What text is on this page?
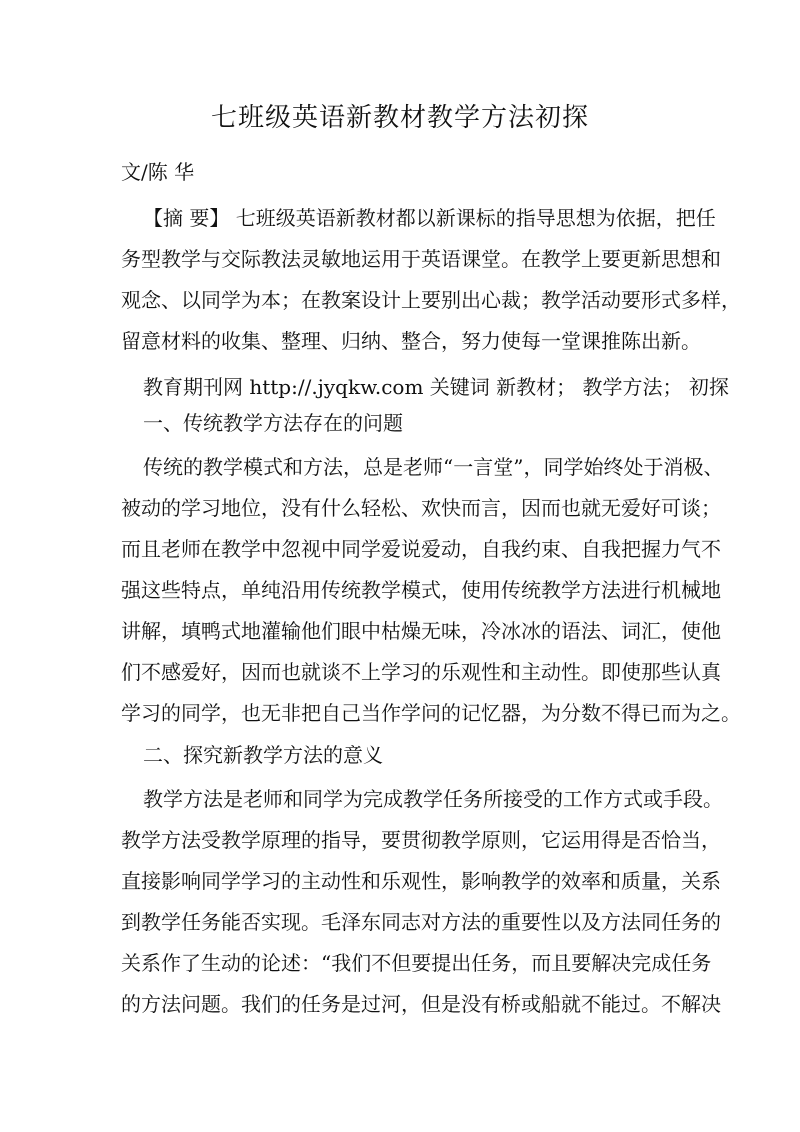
七班级英语新教材教学方法初探
文/陈 华
【摘 要】 七班级英语新教材都以新课标的指导思想为依据，把任
务型教学与交际教法灵敏地运用于英语课堂。在教学上要更新思想和
观念、以同学为本；在教案设计上要别出心裁；教学活动要形式多样，
留意材料的收集、整理、归纳、整合，努力使每一堂课推陈出新。
教育期刊网 http://.jyqkw.com 关键词 新教材； 教学方法； 初探
一、传统教学方法存在的问题
传统的教学模式和方法，总是老师“一言堂”，同学始终处于消极、
被动的学习地位，没有什么轻松、欢快而言，因而也就无爱好可谈；
而且老师在教学中忽视中同学爱说爱动，自我约束、自我把握力气不
强这些特点，单纯沿用传统教学模式，使用传统教学方法进行机械地
讲解，填鸭式地灌输他们眼中枯燥无味，冷冰冰的语法、词汇，使他
们不感爱好，因而也就谈不上学习的乐观性和主动性。即使那些认真
学习的同学，也无非把自己当作学问的记忆器，为分数不得已而为之。
二、探究新教学方法的意义
教学方法是老师和同学为完成教学任务所接受的工作方式或手段。
教学方法受教学原理的指导，要贯彻教学原则，它运用得是否恰当，
直接影响同学学习的主动性和乐观性，影响教学的效率和质量，关系
到教学任务能否实现。毛泽东同志对方法的重要性以及方法同任务的
关系作了生动的论述：“我们不但要提出任务，而且要解决完成任务
的方法问题。我们的任务是过河，但是没有桥或船就不能过。不解决
